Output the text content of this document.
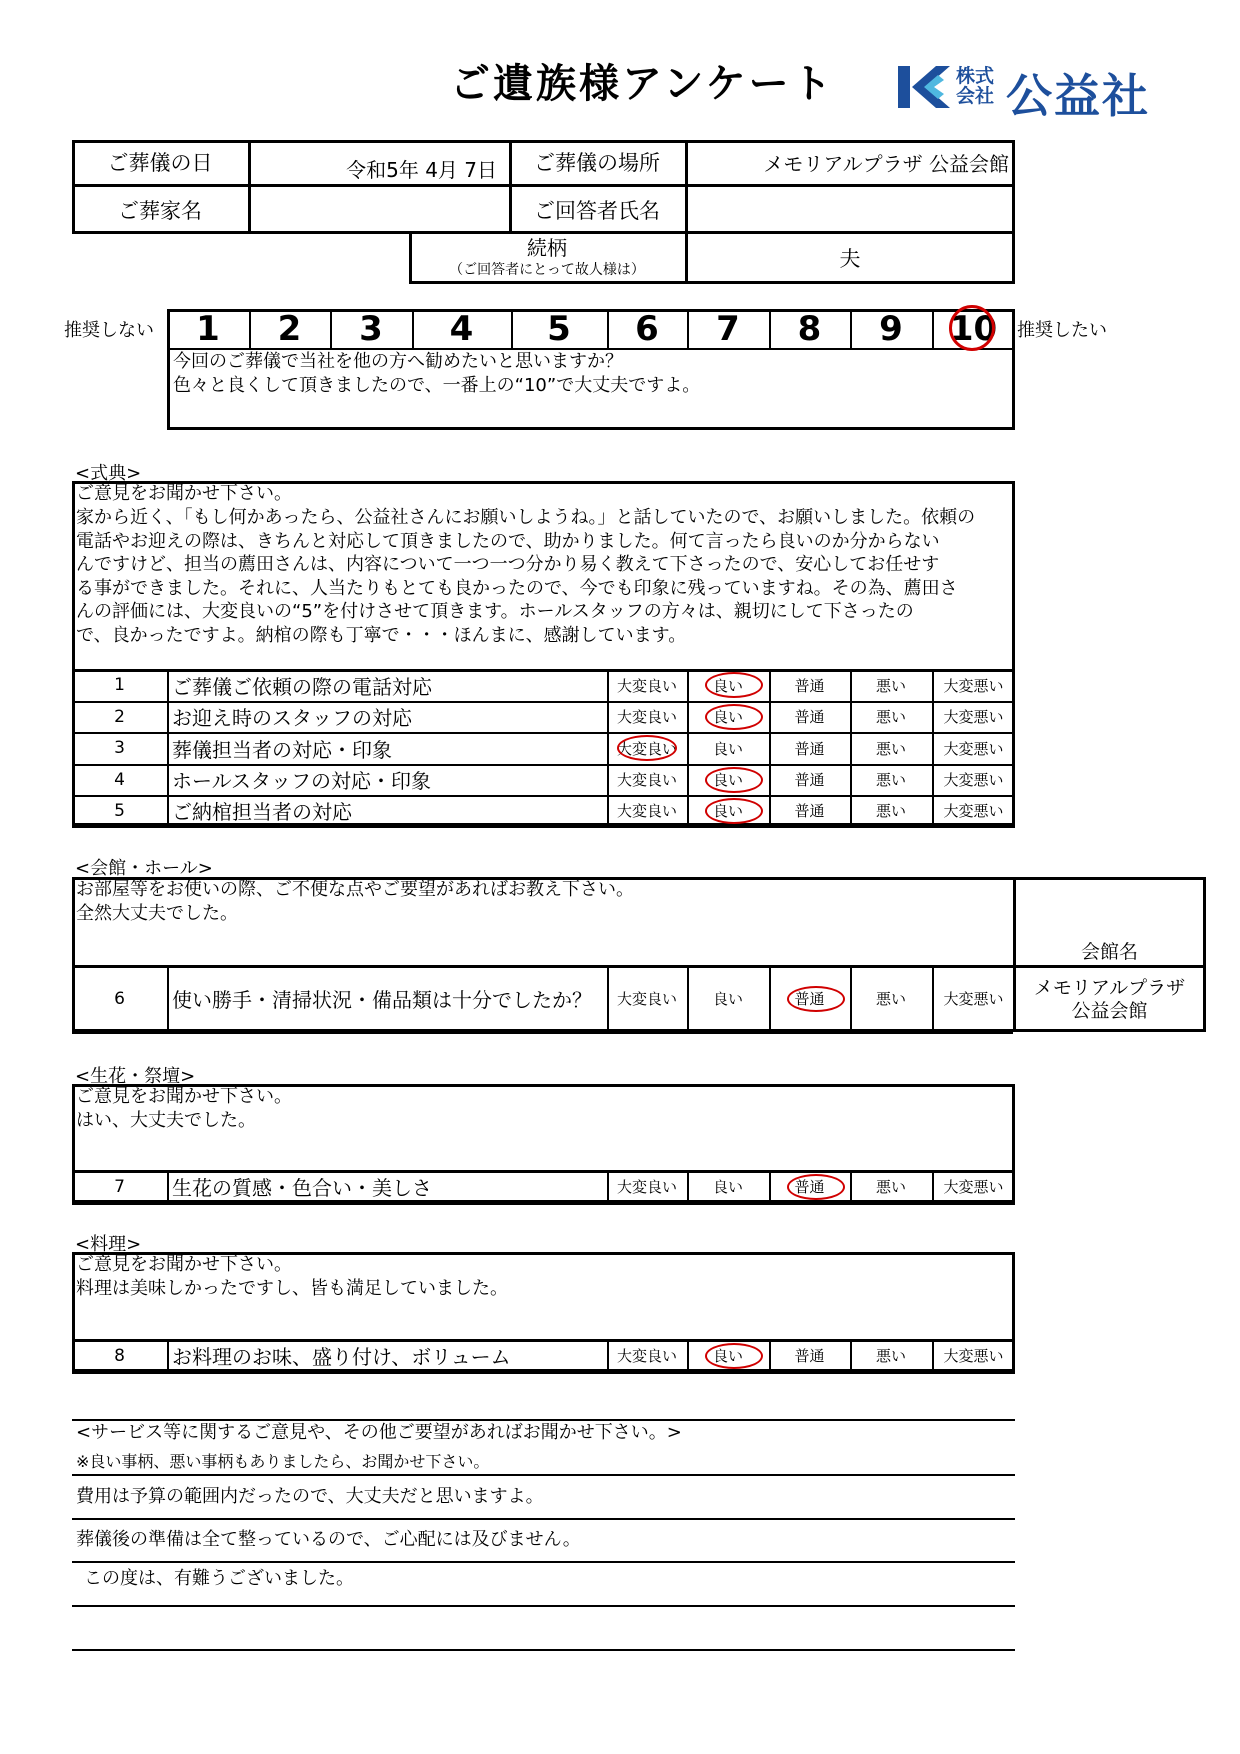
ご遺族様アンケート	株式
会社 公益社
ご葬儀の日	令和5年 4月 7日	ご葬儀の場所	メモリアルプラザ 公益会館
ご葬家名	ご回答者氏名
続柄
（ご回答者にとって故人様は）	夫
推奨しない	推奨したい
1	2	3	4	5	6	7	8	9	10
今回のご葬儀で当社を他の方へ勧めたいと思いますか？
色々と良くして頂きましたので、一番上の“10”で大丈夫ですよ。
<式典>
ご意見をお聞かせ下さい。
家から近く、「もし何かあったら、公益社さんにお願いしようね。」と話していたので、お願いしました。依頼の
電話やお迎えの際は、きちんと対応して頂きましたので、助かりました。何て言ったら良いのか分からない
んですけど、担当の薦田さんは、内容について一つ一つ分かり易く教えて下さったので、安心してお任せす
る事ができました。それに、人当たりもとても良かったので、今でも印象に残っていますね。その為、薦田さ
んの評価には、大変良いの“5”を付けさせて頂きます。ホールスタッフの方々は、親切にして下さったの
で、良かったですよ。納棺の際も丁寧で・・・ほんまに、感謝しています。
1	ご葬儀ご依頼の際の電話対応	大変良い	良い	普通	悪い	大変悪い
2	お迎え時のスタッフの対応	大変良い	良い	普通	悪い	大変悪い
3	葬儀担当者の対応・印象	大変良い	良い	普通	悪い	大変悪い
4	ホールスタッフの対応・印象	大変良い	良い	普通	悪い	大変悪い
5	ご納棺担当者の対応	大変良い	良い	普通	悪い	大変悪い
<会館・ホール>
お部屋等をお使いの際、ご不便な点やご要望があればお教え下さい。
全然大丈夫でした。
会館名
メモリアルプラザ
公益会館
6	使い勝手・清掃状況・備品類は十分でしたか？	大変良い	良い	普通	悪い	大変悪い
<生花・祭壇>
ご意見をお聞かせ下さい。
はい、大丈夫でした。
7	生花の質感・色合い・美しさ	大変良い	良い	普通	悪い	大変悪い
<料理>
ご意見をお聞かせ下さい。
料理は美味しかったですし、皆も満足していました。
8	お料理のお味、盛り付け、ボリューム	大変良い	良い	普通	悪い	大変悪い
<サービス等に関するご意見や、その他ご要望があればお聞かせ下さい。>
※良い事柄、悪い事柄もありましたら、お聞かせ下さい。
費用は予算の範囲内だったので、大丈夫だと思いますよ。
葬儀後の準備は全て整っているので、ご心配には及びません。
この度は、有難うございました。
